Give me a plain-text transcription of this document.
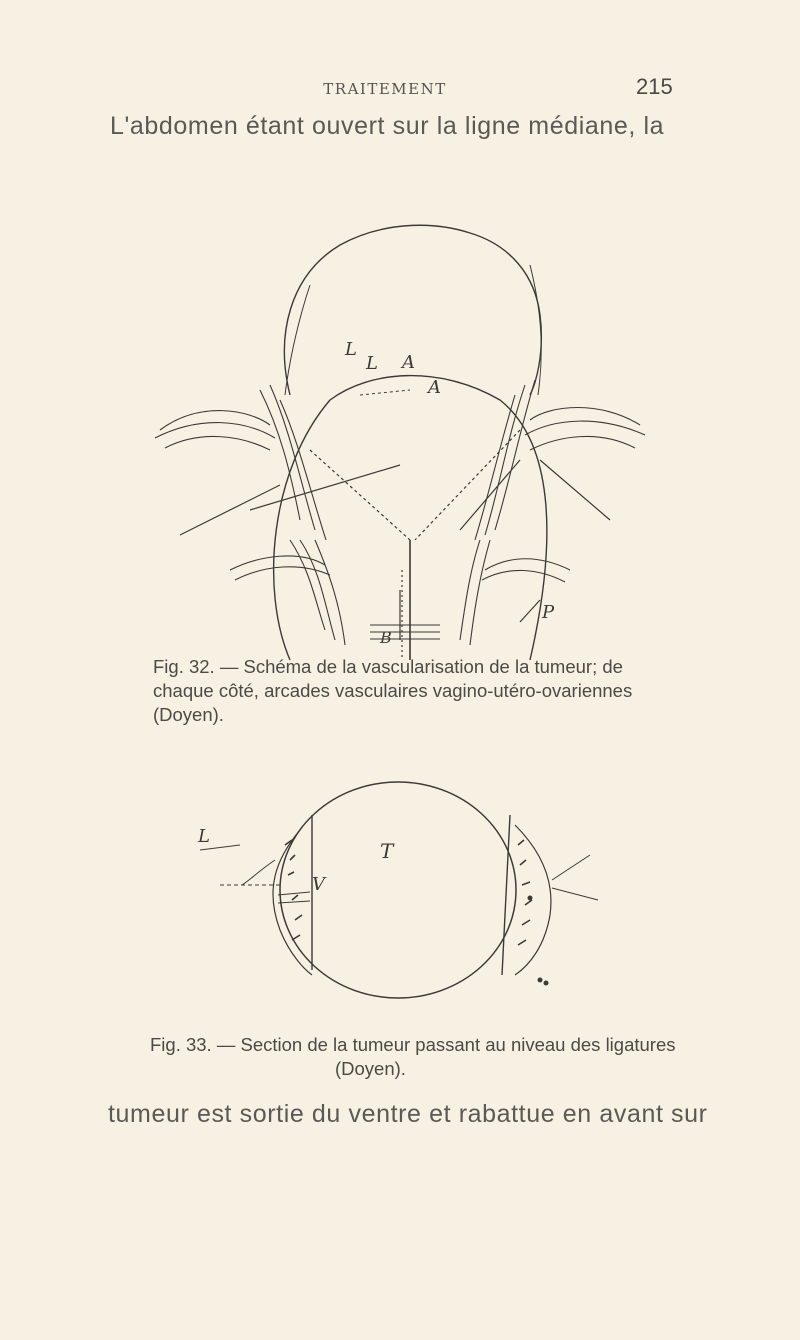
TRAITEMENT	215
L'abdomen étant ouvert sur la ligne médiane, la
L
A
B
P
A
L
Fig. 32. — Schéma de la vascularisation de la tumeur; de
chaque côté, arcades vasculaires vagino-utéro-ovariennes
(Doyen).
L
V
T
Fig. 33. — Section de la tumeur passant au niveau des ligatures
(Doyen).
tumeur est sortie du ventre et rabattue en avant sur
